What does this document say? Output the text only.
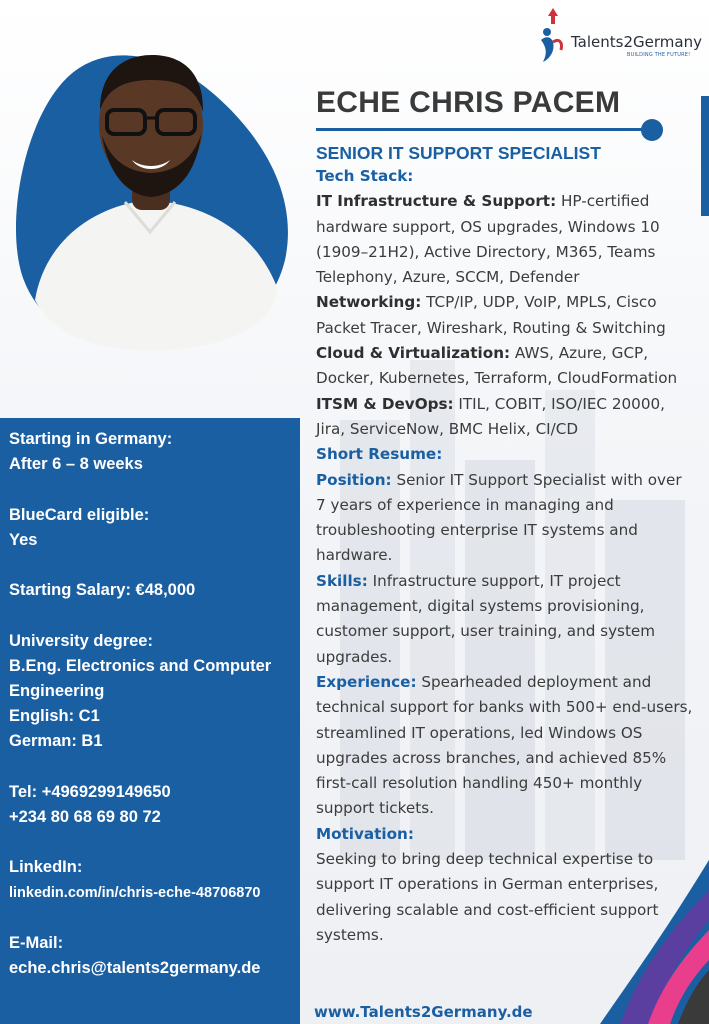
Talents2Germany
BUILDING THE FUTURE!
ECHE CHRIS PACEM
SENIOR IT SUPPORT SPECIALIST

Tech Stack:

IT Infrastructure & Support: HP-certified hardware support, OS upgrades, Windows 10 (1909–21H2), Active Directory, M365, Teams Telephony, Azure, SCCM, Defender

Networking: TCP/IP, UDP, VoIP, MPLS, Cisco Packet Tracer, Wireshark, Routing & Switching

Cloud & Virtualization: AWS, Azure, GCP, Docker, Kubernetes, Terraform, CloudFormation

ITSM & DevOps: ITIL, COBIT, ISO/IEC 20000, Jira, ServiceNow, BMC Helix, CI/CD

Short Resume:

Position: Senior IT Support Specialist with over 7 years of experience in managing and troubleshooting enterprise IT systems and hardware.

Skills: Infrastructure support, IT project management, digital systems provisioning, customer support, user training, and system upgrades.

Experience: Spearheaded deployment and technical support for banks with 500+ end-users, streamlined IT operations, led Windows OS upgrades across branches, and achieved 85% first-call resolution handling 450+ monthly support tickets.

Motivation:

Seeking to bring deep technical expertise to support IT operations in German enterprises, delivering scalable and cost-efficient support systems.

Starting in Germany:
After 6 – 8 weeks
BlueCard eligible:
Yes
Starting Salary: €48,000
University degree:
B.Eng. Electronics and Computer Engineering
English: C1
German: B1
Tel: +4969299149650
+234 80 68 69 80 72
LinkedIn:
linkedin.com/in/chris-eche-48706870
E-Mail:
eche.chris@talents2germany.de
www.Talents2Germany.de
